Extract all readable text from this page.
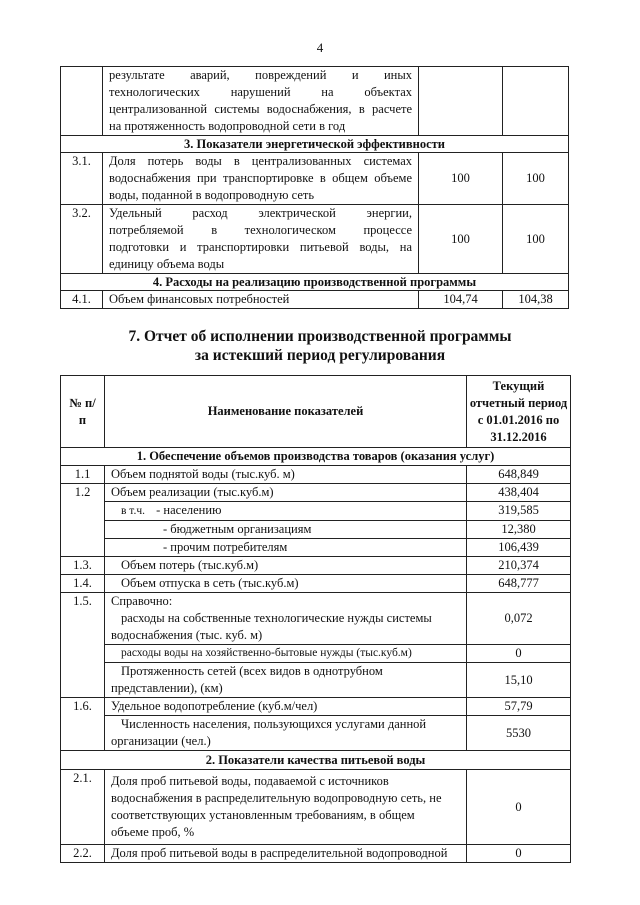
4

	результате аварий, повреждений и иных
технологических нарушений на объектах
централизованной системы водоснабжения, в расчете
на протяженность водопроводной сети в год		

3. Показатели энергетической эффективности			
3.1.	Доля потерь воды в централизованных системах
водоснабжения при транспортировке в общем объеме
воды, поданной в водопроводную сеть	100	100
3.2.	Удельный расход электрической энергии,
потребляемой в технологическом процессе
подготовки и транспортировки питьевой воды, на
единицу объема воды	100	100
4. Расходы на реализацию производственной программы			
4.1.	Объем финансовых потребностей	104,74	104,38
7. Отчет об исполнении производственной программы
за истекший период регулирования
№ п/п	Наименование показателей	Текущий
отчетный период
с 01.01.2016 по
31.12.2016

1. Обеспечение объемов производства товаров (оказания услуг)		
1.1	Объем поднятой воды (тыс.куб. м)	648,849
1.2	Объем реализации (тыс.куб.м)	438,404
	в т.ч. - населению	319,585
	- бюджетным организациям	12,380
	- прочим потребителям	106,439
1.3.	Объем потерь (тыс.куб.м)	210,374
1.4.	Объем отпуска в сеть (тыс.куб.м)	648,777
1.5.	Справочно:
расходы на собственные технологические нужды системы
водоснабжения (тыс. куб. м)	0,072
	расходы воды на хозяйственно-бытовые нужды (тыс.куб.м)	0

	Протяженность сетей (всех видов в однотрубном
представлении), (км)	15,10
1.6.	Удельное водопотребление (куб.м/чел)	57,79

	Численность населения, пользующихся услугами данной
организации (чел.)	5530
2. Показатели качества питьевой воды		
2.1.	Доля проб питьевой воды, подаваемой с источников
водоснабжения в распределительную водопроводную сеть, не
соответствующих установленным требованиям, в общем
объеме проб, %	0
2.2.	Доля проб питьевой воды в распределительной водопроводной	0
